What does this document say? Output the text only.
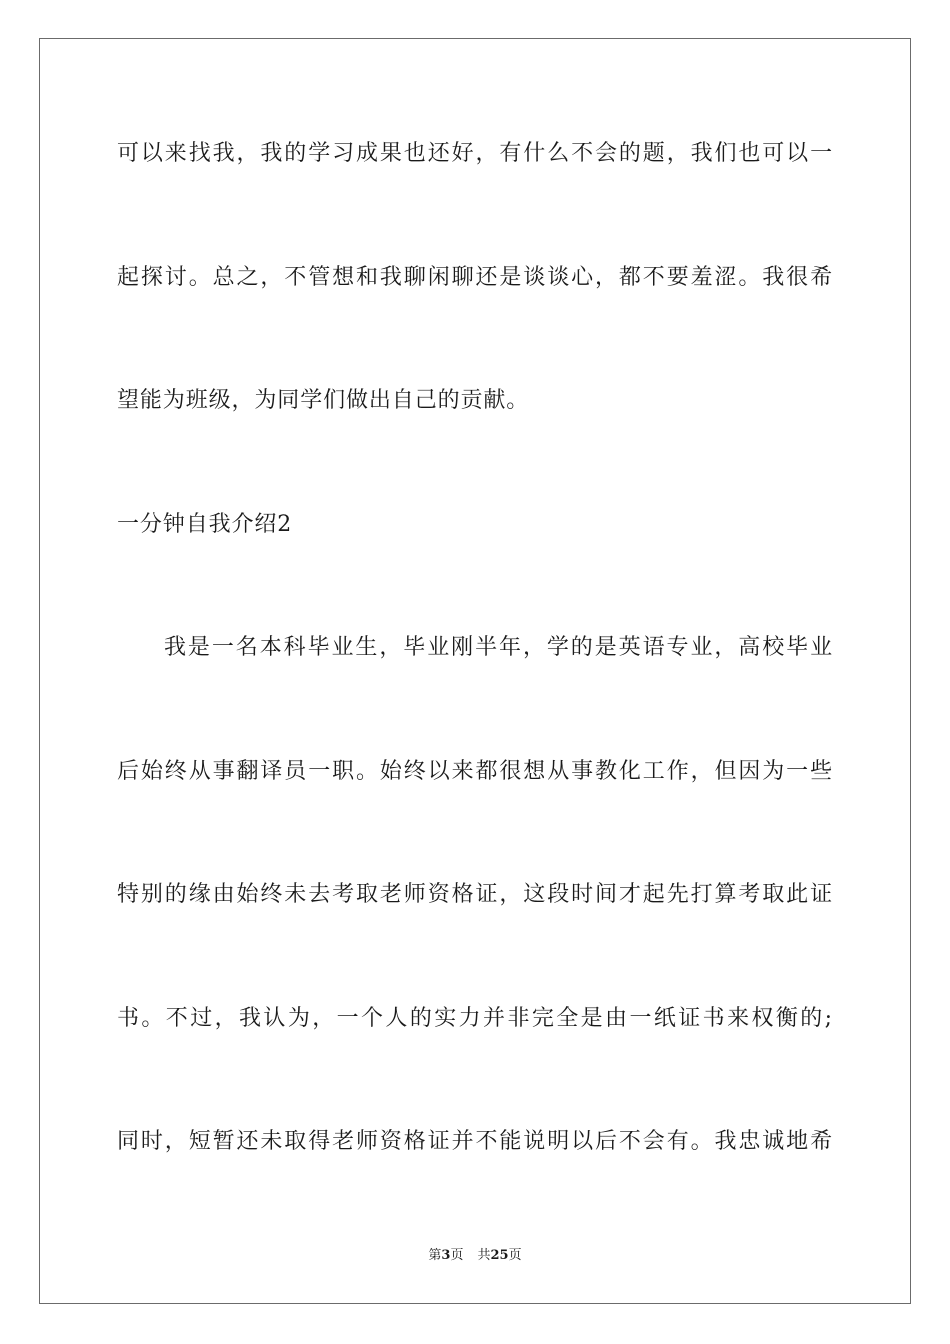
可以来找我，我的学习成果也还好，有什么不会的题，我们也可以一
起探讨。总之，不管想和我聊闲聊还是谈谈心，都不要羞涩。我很希
望能为班级，为同学们做出自己的贡献。
一分钟自我介绍2
我是一名本科毕业生，毕业刚半年，学的是英语专业，高校毕业
后始终从事翻译员一职。始终以来都很想从事教化工作，但因为一些
特别的缘由始终未去考取老师资格证，这段时间才起先打算考取此证
书。不过，我认为，一个人的实力并非完全是由一纸证书来权衡的;
同时，短暂还未取得老师资格证并不能说明以后不会有。我忠诚地希
第3页 共25页
